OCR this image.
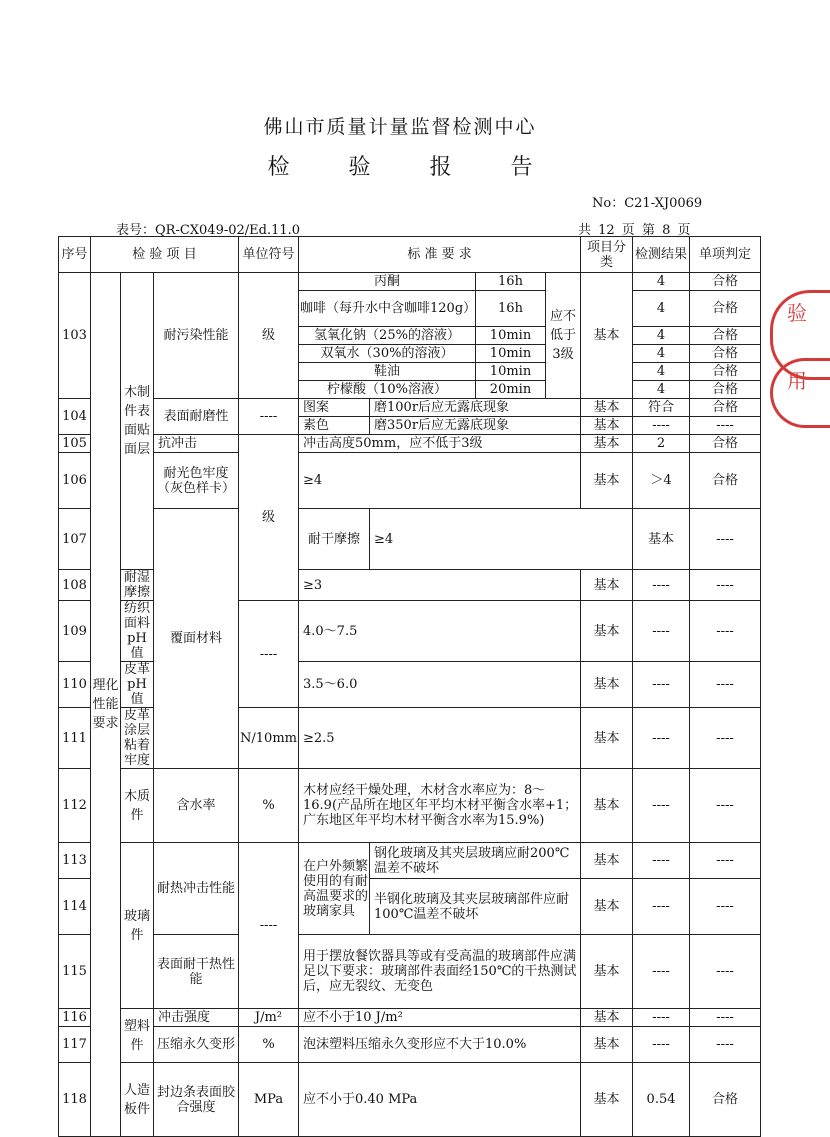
佛山市质量计量监督检测中心
检 验 报 告
No：C21-XJ0069
表号：QR-CX049-02/Ed.11.0	共 12 页 第 8 页
验
用
序号	检 验 项 目			单位符号	标 准 要 求				项目分类	检测结果	单项判定	
103	理化性能要求	木制件表面贴面层	耐污染性能	级	丙酮		16h	应不低于3级	基本	4	合格	
					咖啡（每升水中含咖啡120g）		16h			4	合格	
					氢氧化钠（25%的溶液）		10min			4	合格	
					双氧水（30%的溶液）		10min			4	合格	
					鞋油		10min			4	合格	
					柠檬酸（10%溶液）		20min			4	合格	

104			表面耐磨性	----	图案	磨100r后应无露底现象			基本	符合	合格	
					素色	磨350r后应无露底现象			基本	----	----	
105			抗冲击	级	冲击高度50mm，应不低于3级				基本	2	合格	
106			耐光色牢度（灰色样卡）		≥4				基本	＞4	合格	

107			覆面材料		耐干摩擦	≥4				基本	----	
108		耐湿摩擦			≥3				基本	----	----	
109		纺织面料pH值		----	4.0～7.5				基本	----	----	
110		皮革pH值			3.5～6.0				基本	----	----	

111		皮革涂层粘着牢度		N/10mm	≥2.5				基本	----	----	

112		木质件	含水率	%	木材应经干燥处理，木材含水率应为：8～16.9(产品所在地区年平均木材平衡含水率+1；广东地区年平均木材平衡含水率为15.9%)				基本	----	----	
113		玻璃件	耐热冲击性能	----	在户外频繁使用的有耐高温要求的玻璃家具	钢化玻璃及其夹层玻璃应耐200℃温差不破坏			基本	----	----	
114						半钢化玻璃及其夹层玻璃部件应耐100℃温差不破坏			基本	----	----	

115			表面耐干热性能		用于摆放餐饮器具等或有受高温的玻璃部件应满足以下要求：玻璃部件表面经150℃的干热测试后，应无裂纹、无变色				基本	----	----	

116		塑料件	冲击强度	J/m²	应不小于10 J/m²				基本	----	----	
117			压缩永久变形	%	泡沫塑料压缩永久变形应不大于10.0%				基本	----	----	

118		人造板件	封边条表面胶合强度	MPa	应不小于0.40 MPa				基本	0.54	合格	
